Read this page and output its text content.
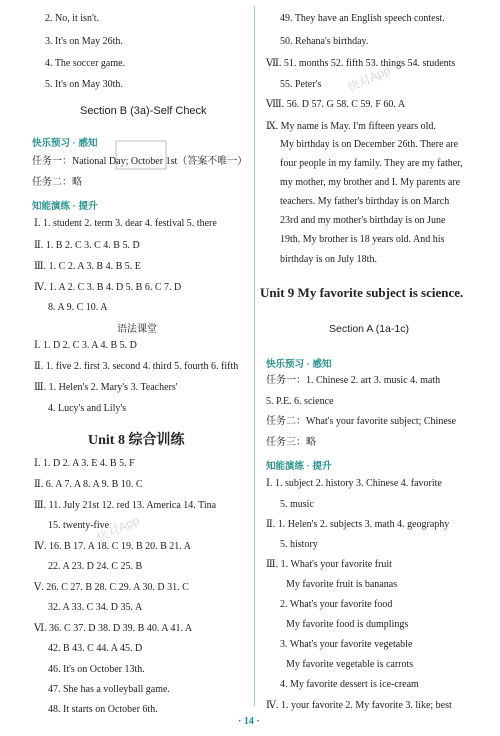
2. No, it isn't.
3. It's on May 26th.
4. The soccer game.
5. It's on May 30th.
Section B (3a)-Self Check
快乐预习 · 感知
任务一：National Day; October 1st（答案不唯一）
任务二：略
知能演练 · 提升
Ⅰ. 1. student 2. term 3. dear 4. festival 5. there
Ⅱ. 1. B 2. C 3. C 4. B 5. D
Ⅲ. 1. C 2. A 3. B 4. B 5. E
Ⅳ. 1. A 2. C 3. B 4. D 5. B 6. C 7. D
8. A 9. C 10. A
语法课堂
Ⅰ. 1. D 2. C 3. A 4. B 5. D
Ⅱ. 1. five 2. first 3. second 4. third 5. fourth 6. fifth
Ⅲ. 1. Helen's 2. Mary's 3. Teachers'
4. Lucy's and Lily's
Unit 8 综合训练
Ⅰ. 1. D 2. A 3. E 4. B 5. F
Ⅱ. 6. A 7. A 8. A 9. B 10. C
Ⅲ. 11. July 21st 12. red 13. America 14. Tina
15. twenty-five
Ⅳ. 16. B 17. A 18. C 19. B 20. B 21. A
22. A 23. D 24. C 25. B
Ⅴ. 26. C 27. B 28. C 29. A 30. D 31. C
32. A 33. C 34. D 35. A
Ⅵ. 36. C 37. D 38. D 39. B 40. A 41. A
42. B 43. C 44. A 45. D
46. It's on October 13th.
47. She has a volleyball game.
48. It starts on October 6th.
快对App
49. They have an English speech contest.
50. Rehana's birthday.
Ⅶ. 51. months 52. fifth 53. things 54. students
55. Peter's
Ⅷ. 56. D 57. G 58. C 59. F 60. A
Ⅸ. My name is May. I'm fifteen years old.
My birthday is on December 26th. There are
four people in my family. They are my father,
my mother, my brother and I. My parents are
teachers. My father's birthday is on March
23rd and my mother's birthday is on June
19th. My brother is 18 years old. And his
birthday is on July 18th.
Unit 9 My favorite subject is science.
Section A (1a-1c)
快乐预习 · 感知
任务一：1. Chinese 2. art 3. music 4. math
5. P.E. 6. science
任务二：What's your favorite subject; Chinese
任务三：略
知能演练 · 提升
Ⅰ. 1. subject 2. history 3. Chinese 4. favorite
5. music
Ⅱ. 1. Helen's 2. subjects 3. math 4. geography
5. history
Ⅲ. 1. What's your favorite fruit
My favorite fruit is bananas
2. What's your favorite food
My favorite food is dumplings
3. What's your favorite vegetable
My favorite vegetable is carrots
4. My favorite dessert is ice-cream
Ⅳ. 1. your favorite 2. My favorite 3. like; best
快对App
· 14 ·
